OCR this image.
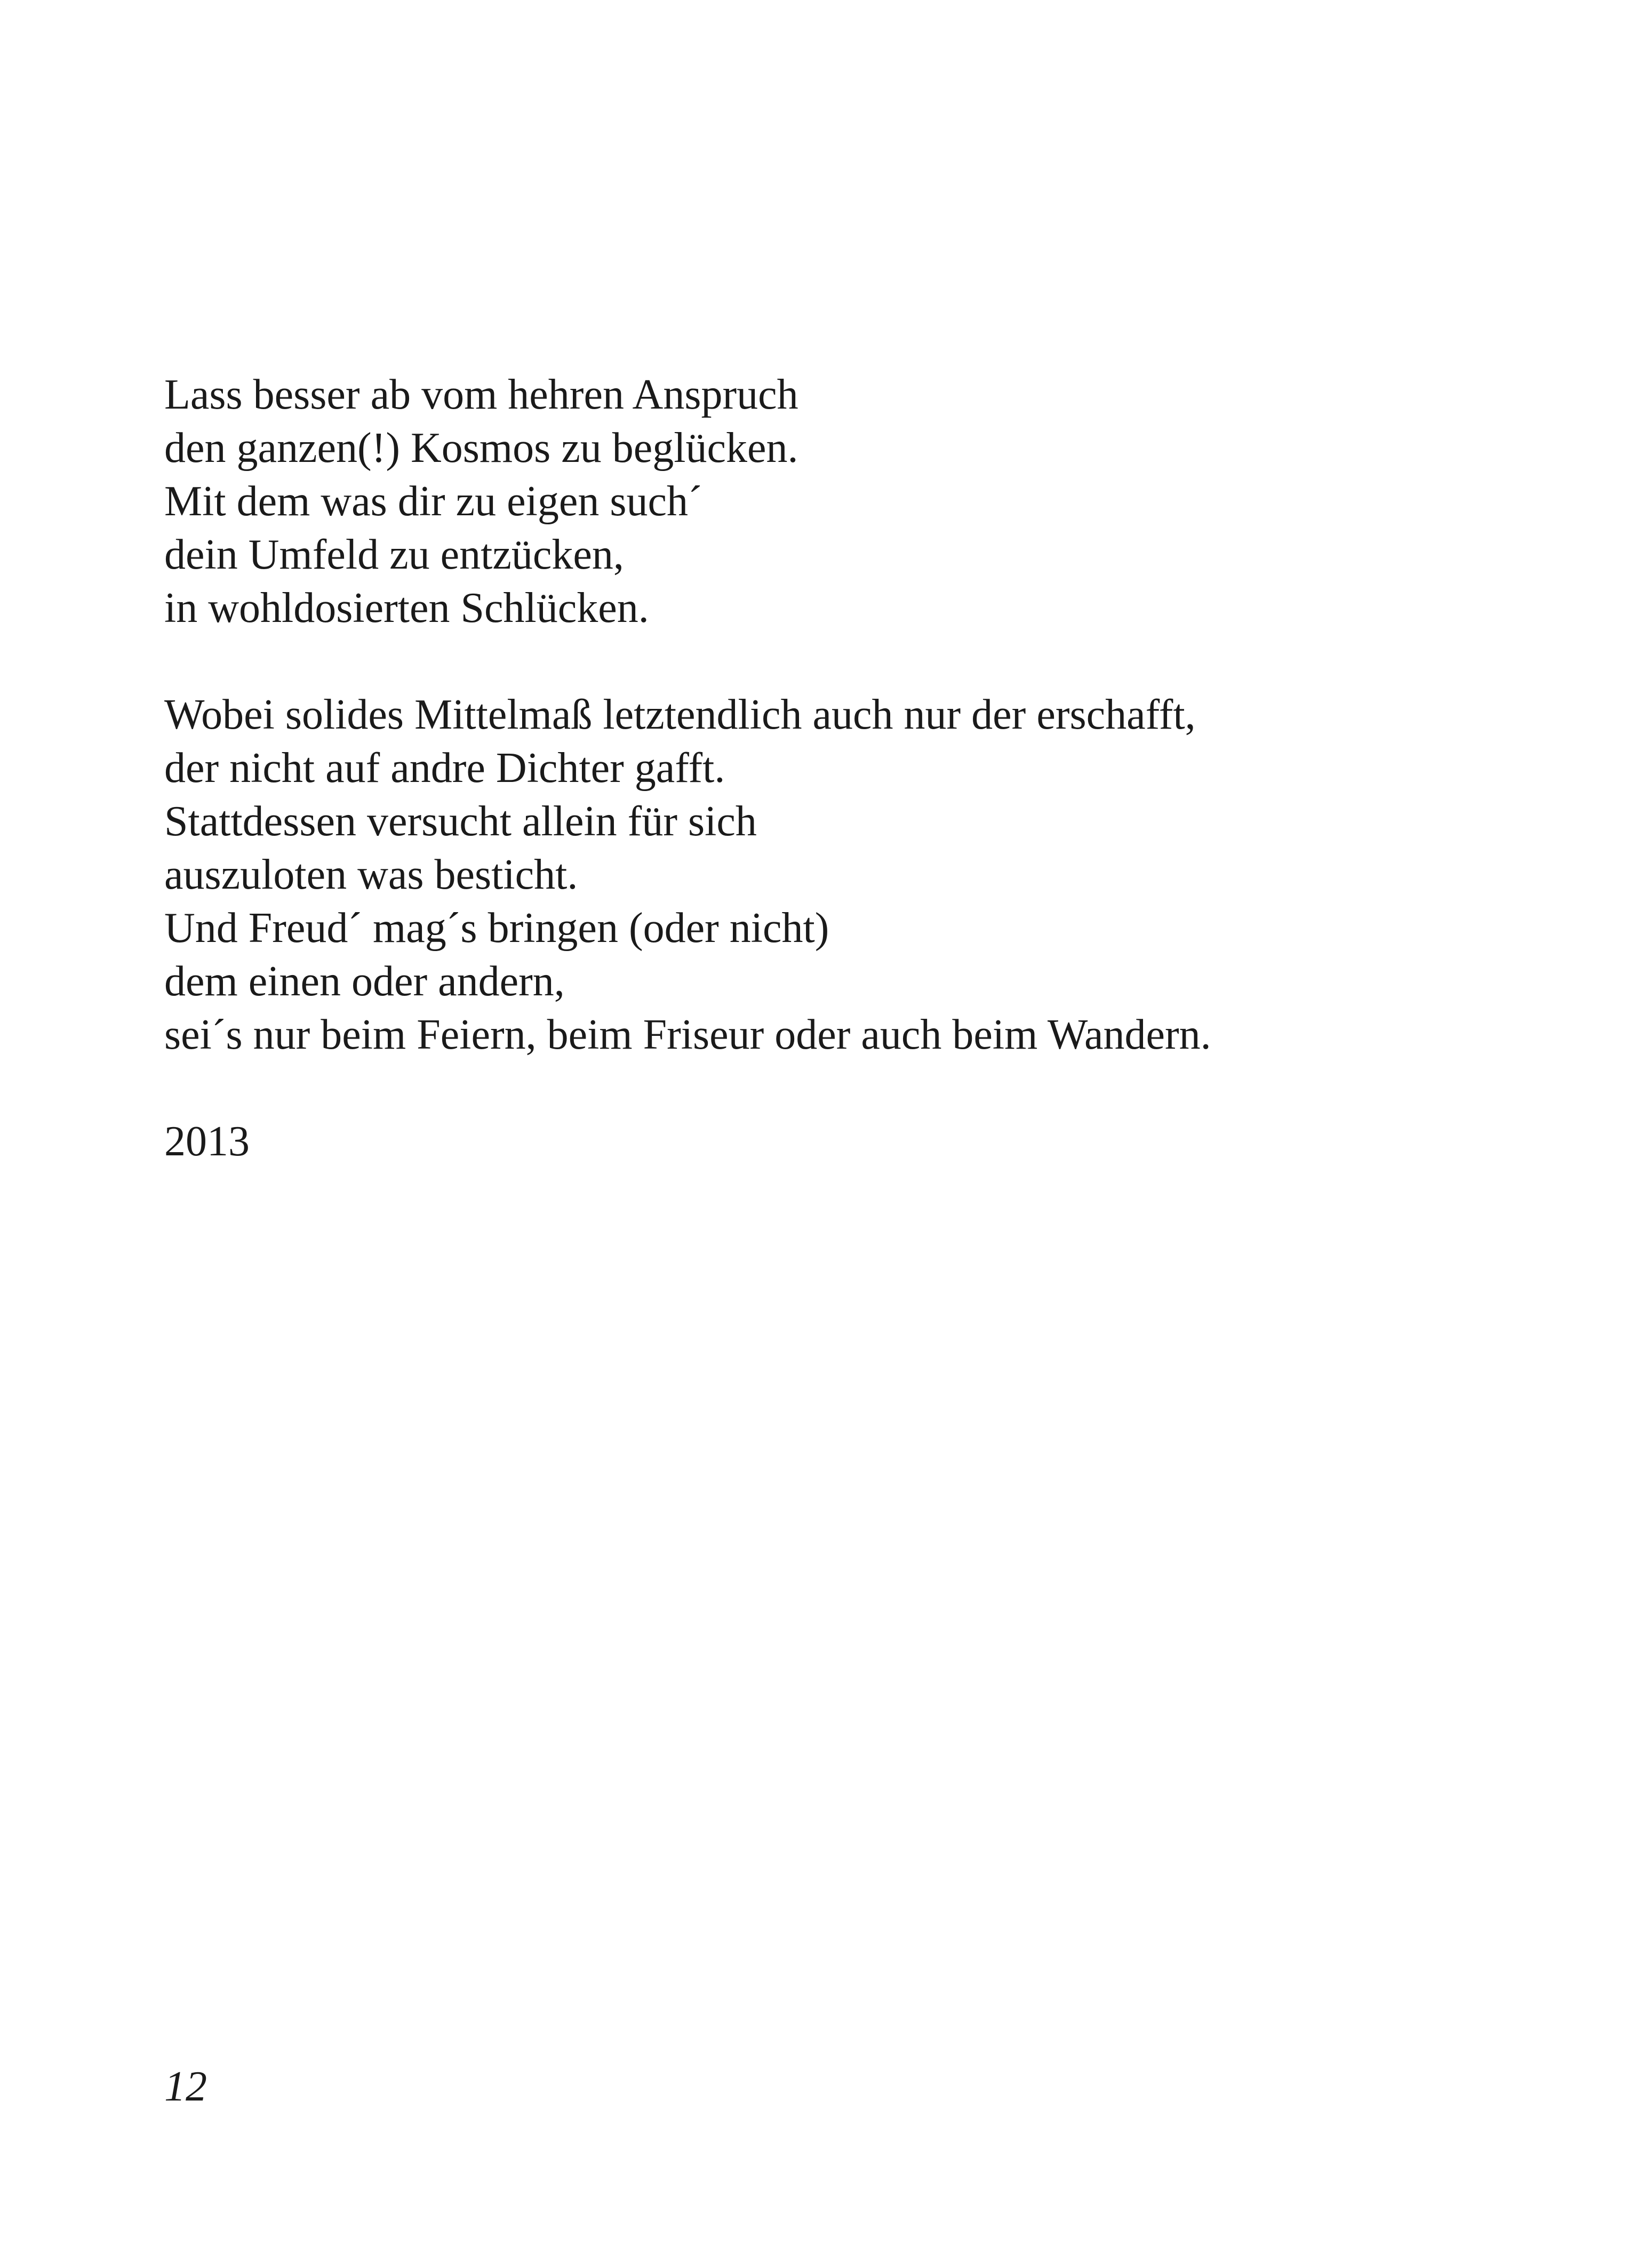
Lass besser ab vom hehren Anspruch
den ganzen(!) Kosmos zu beglücken.
Mit dem was dir zu eigen such´
dein Umfeld zu entzücken,
in wohldosierten Schlücken.

Wobei solides Mittelmaß letztendlich auch nur der erschafft,
der nicht auf andre Dichter gafft.
Stattdessen versucht allein für sich
auszuloten was besticht.
Und Freud´ mag´s bringen (oder nicht)
dem einen oder andern,
sei´s nur beim Feiern, beim Friseur oder auch beim Wandern.

2013
12
